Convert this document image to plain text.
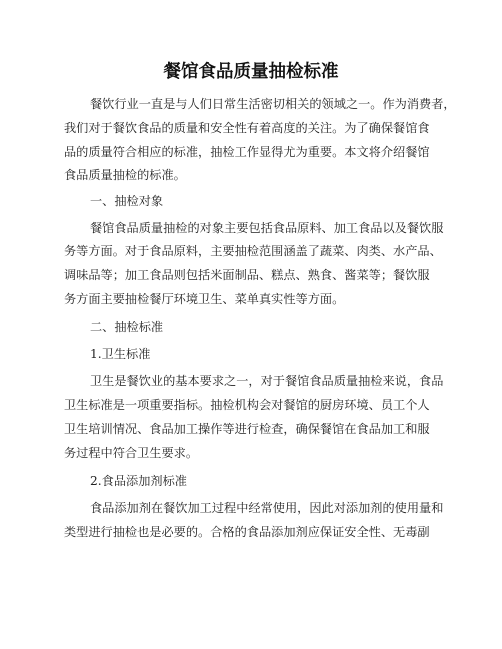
餐馆食品质量抽检标准
餐饮行业一直是与人们日常生活密切相关的领域之一。作为消费者，
我们对于餐饮食品的质量和安全性有着高度的关注。为了确保餐馆食
品的质量符合相应的标准，抽检工作显得尤为重要。本文将介绍餐馆
食品质量抽检的标准。
一、抽检对象
餐馆食品质量抽检的对象主要包括食品原料、加工食品以及餐饮服
务等方面。对于食品原料，主要抽检范围涵盖了蔬菜、肉类、水产品、
调味品等；加工食品则包括米面制品、糕点、熟食、酱菜等；餐饮服
务方面主要抽检餐厅环境卫生、菜单真实性等方面。
二、抽检标准
1.卫生标准
卫生是餐饮业的基本要求之一，对于餐馆食品质量抽检来说，食品
卫生标准是一项重要指标。抽检机构会对餐馆的厨房环境、员工个人
卫生培训情况、食品加工操作等进行检查，确保餐馆在食品加工和服
务过程中符合卫生要求。
2.食品添加剂标准
食品添加剂在餐饮加工过程中经常使用，因此对添加剂的使用量和
类型进行抽检也是必要的。合格的食品添加剂应保证安全性、无毒副
